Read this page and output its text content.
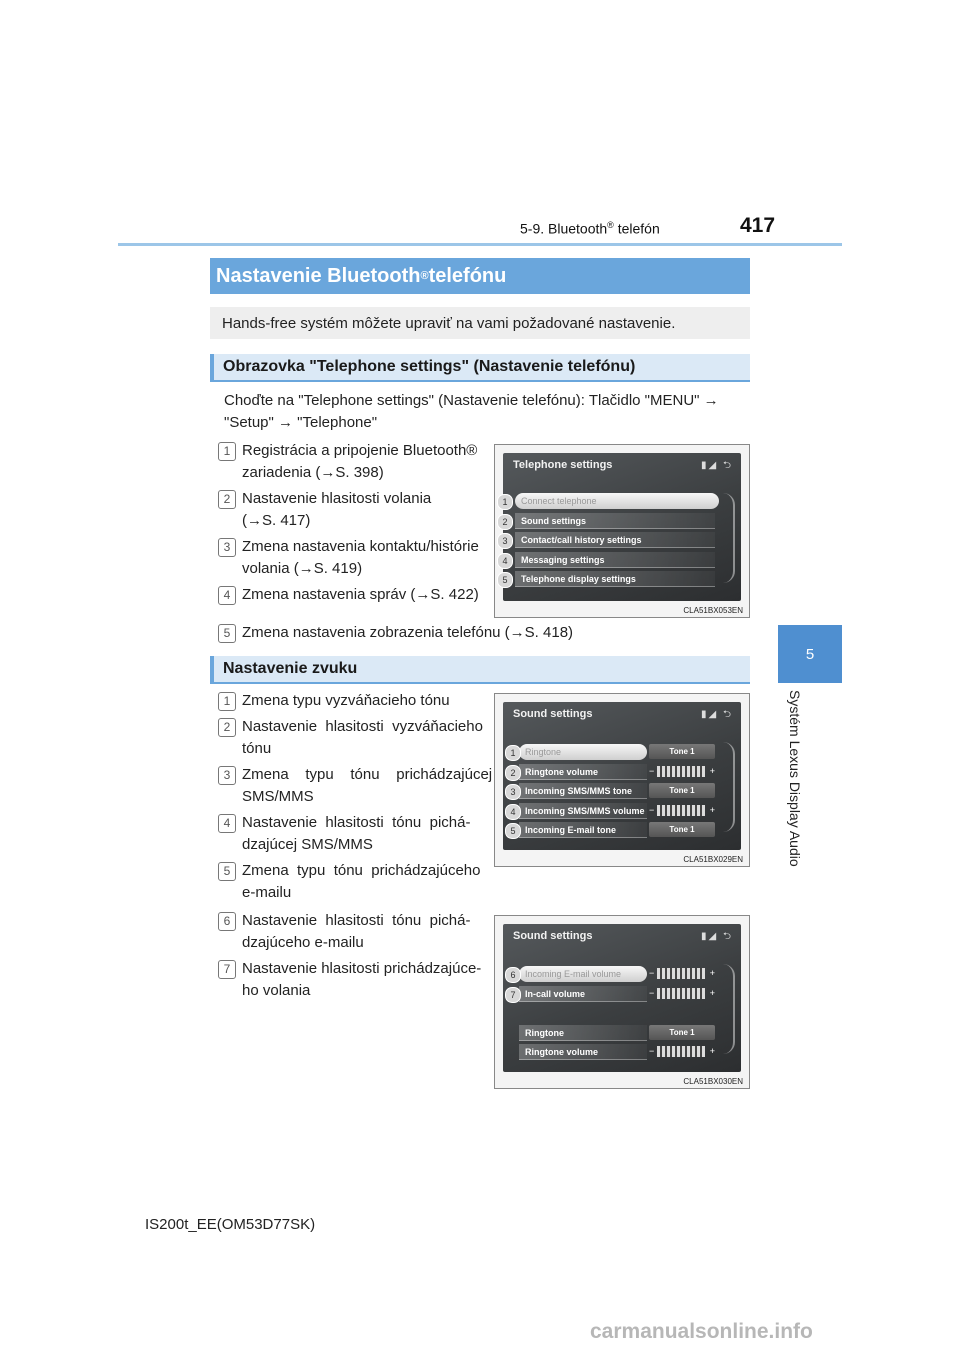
5-9. Bluetooth® telefón	417
5
Systém Lexus Display Audio
Nastavenie Bluetooth ® telefónu
Hands-free systém môžete upraviť na vami požadované nastavenie.
Obrazovka "Telephone settings" (Nastavenie telefónu)
Choďte na "Telephone settings" (Nastavenie telefónu): Tlačidlo "MENU" →
"Setup" → "Telephone"
1 Registrácia a pripojenie Bluetooth®
zariadenia (→S. 398)
2 Nastavenie hlasitosti volania
(→S. 417)
3 Zmena nastavenia kontaktu/histórie
volania (→S. 419)
4 Zmena nastavenia správ (→S. 422)
5 Zmena nastavenia zobrazenia telefónu (→S. 418)
Telephone settings	▮◢ ⮌
Connect telephone
Sound settings
Contact/call history settings
Messaging settings
Telephone display settings
1
2
3
4
5
CLA51BX053EN
Nastavenie zvuku
1 Zmena typu vyzváňacieho tónu
2 Nastavenie  hlasitosti  vyzváňacieho
tónu
3 Zmena    typu    tónu    prichádzajúcej
SMS/MMS
4 Nastavenie  hlasitosti  tónu  pichá-
dzajúcej SMS/MMS
5 Zmena  typu  tónu  prichádzajúceho
e-mailu
6 Nastavenie  hlasitosti  tónu  pichá-
dzajúceho e-mailu
7 Nastavenie hlasitosti prichádzajúce-
ho volania
Sound settings	▮◢ ⮌
Ringtone	Tone 1
Ringtone volume	−	+
Incoming SMS/MMS tone	Tone 1
Incoming SMS/MMS volume −	+
Incoming E-mail tone	Tone 1
1
2
3
4
5
CLA51BX029EN
Sound settings	▮◢ ⮌
Incoming E-mail volume	−	+
In-call volume	−	+
Ringtone	Tone 1
Ringtone volume	−	+
6
7
CLA51BX030EN
IS200t_EE(OM53D77SK)
carmanualsonline.info
